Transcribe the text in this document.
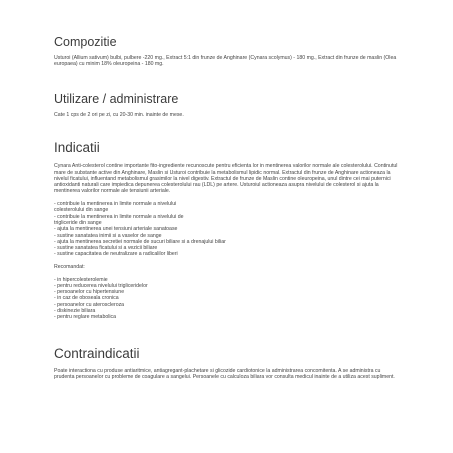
Compozitie

Usturoi (Allium sativum) bulbi, pulbere -220 mg., Extract 5:1 din frunze de Anghinare (Cynara scolymus) - 180 mg., Extract din frunze de maslin (Olea europaea) cu minim 18% oleuropeina - 180 mg.

Utilizare / administrare

Cate 1 cps de 2 ori pe zi, cu 20-30 min. inainte de mese.

Indicatii

Cynara Anti-colesterol contine importante fito-ingrediente recunoscute pentru eficienta lor in mentinerea valorilor normale ale colesterolului. Continutul mare de substante active din Anghinare, Maslin si Usturoi contribuie la metabolismul lipidic normal. Extractul din frunze de Anghinare actioneaza la nivelul ficatului, influentand metabolismul grasimilor la nivel digestiv. Extractul de frunze de Maslin contine oleuropeina, unul dintre cei mai puternici antioxidanti naturali care impiedica depunerea colesterolului rau (LDL) pe artere. Usturoiul actioneaza asupra nivelului de colesterol si ajuta la mentinerea valorilor normale ale tensiunii arteriale.

- contribuie la mentinerea in limite normale a nivelului
colesterolului din sange
- contribuie la mentinerea in limite normale a nivelului de
trigliceride din sange
- ajuta la mentinerea unei tensiuni arteriale sanatoase
- sustine sanatatea inimii si a vaselor de sange
- ajuta la mentinerea secretiei normale de sucuri biliare si a drenajului biliar
- sustine sanatatea ficatului si a vezicii biliare
- sustine capacitatea de neutralizare a radicalilor liberi

Recomandat:

- in hipercolesterolemie
- pentru reducerea nivelului trigliceridelor
- persoanelor cu hipertensiune
- in caz de oboseala cronica
- persoanelor cu ateroscleroza
- diskinezie biliara
- pentru reglare metabolica
Contraindicatii

Poate interactiona cu produse antiaritmice, antiagregant-plachetare si glicozide cardiotonice la administrarea concomitenta. A se administra cu prudenta persoanelor cu probleme de coagulare a sangelui. Persoanele cu calculoza biliara vor consulta medicul inainte de a utiliza acest supliment.
